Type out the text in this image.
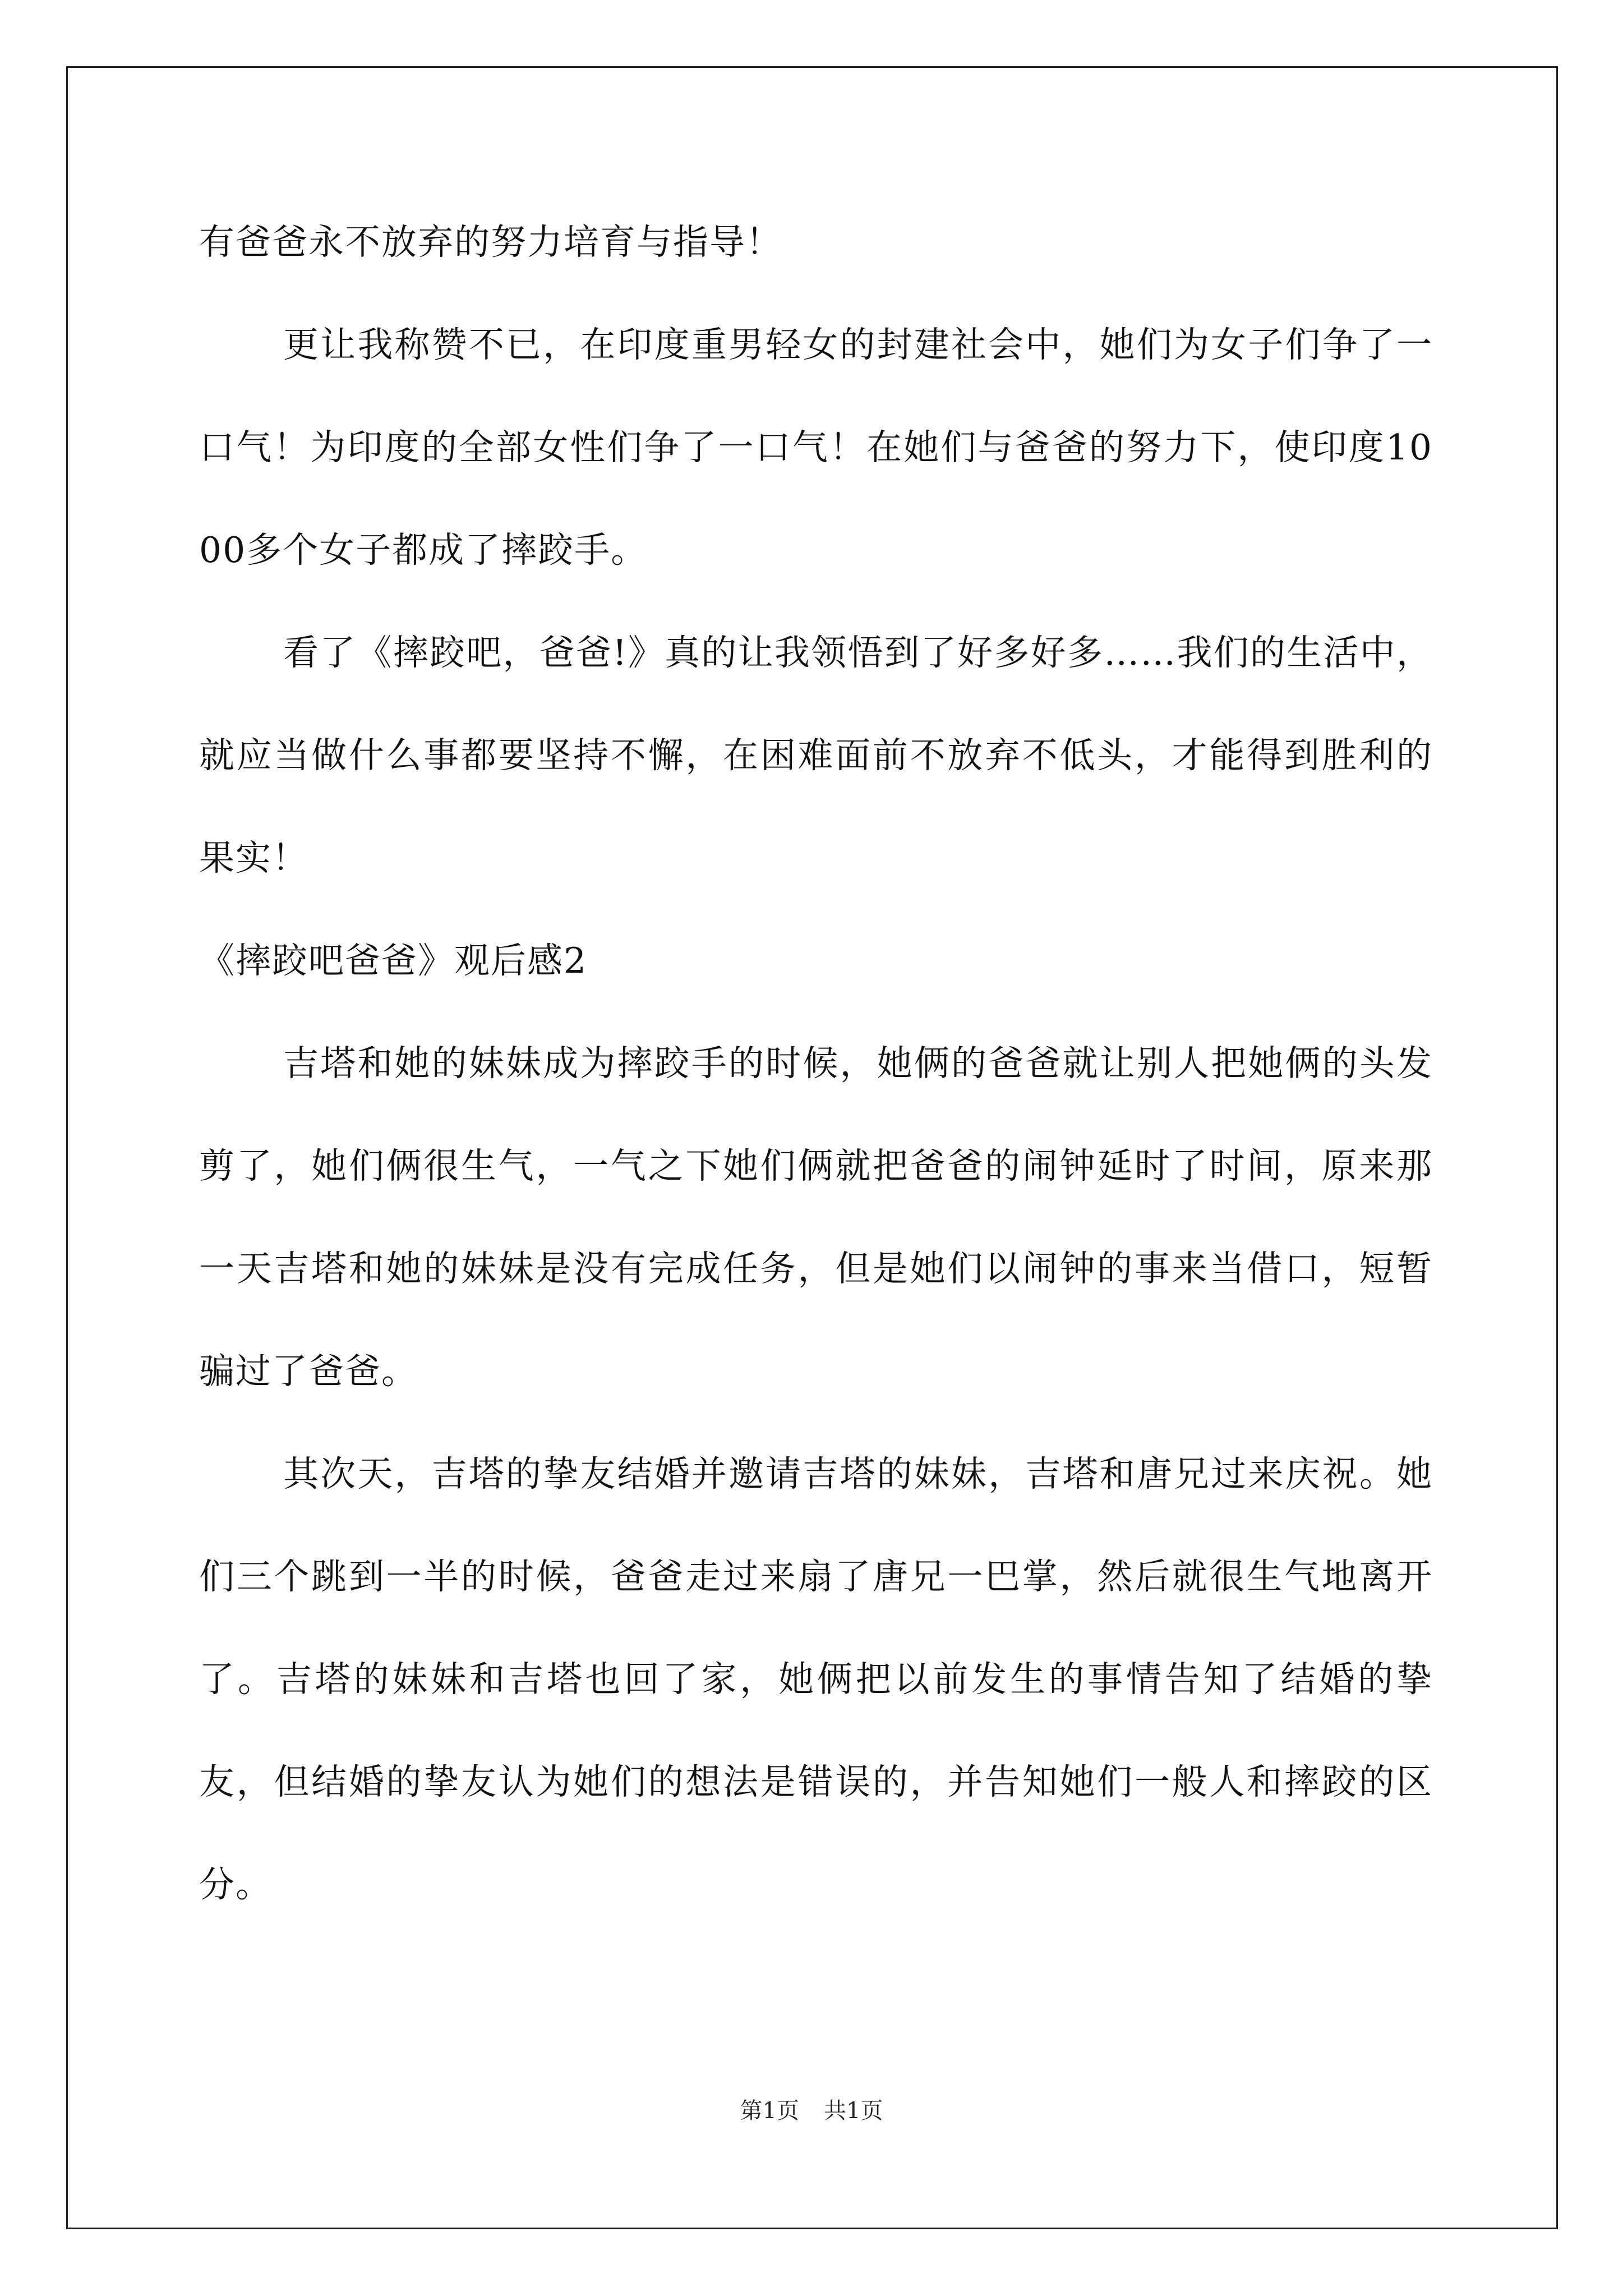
有爸爸永不放弃的努力培育与指导！

更让我称赞不已，在印度重男轻女的封建社会中，她们为女子们争了一口气！为印度的全部女性们争了一口气！在她们与爸爸的努力下，使印度1000多个女子都成了摔跤手。

看了《摔跤吧，爸爸!》真的让我领悟到了好多好多……我们的生活中，就应当做什么事都要坚持不懈，在困难面前不放弃不低头，才能得到胜利的果实！

《摔跤吧爸爸》观后感2

吉塔和她的妹妹成为摔跤手的时候，她俩的爸爸就让别人把她俩的头发剪了，她们俩很生气，一气之下她们俩就把爸爸的闹钟延时了时间，原来那一天吉塔和她的妹妹是没有完成任务，但是她们以闹钟的事来当借口，短暂骗过了爸爸。

其次天，吉塔的挚友结婚并邀请吉塔的妹妹，吉塔和唐兄过来庆祝。她们三个跳到一半的时候，爸爸走过来扇了唐兄一巴掌，然后就很生气地离开了。吉塔的妹妹和吉塔也回了家，她俩把以前发生的事情告知了结婚的挚友，但结婚的挚友认为她们的想法是错误的，并告知她们一般人和摔跤的区分。

第1页 共1页
